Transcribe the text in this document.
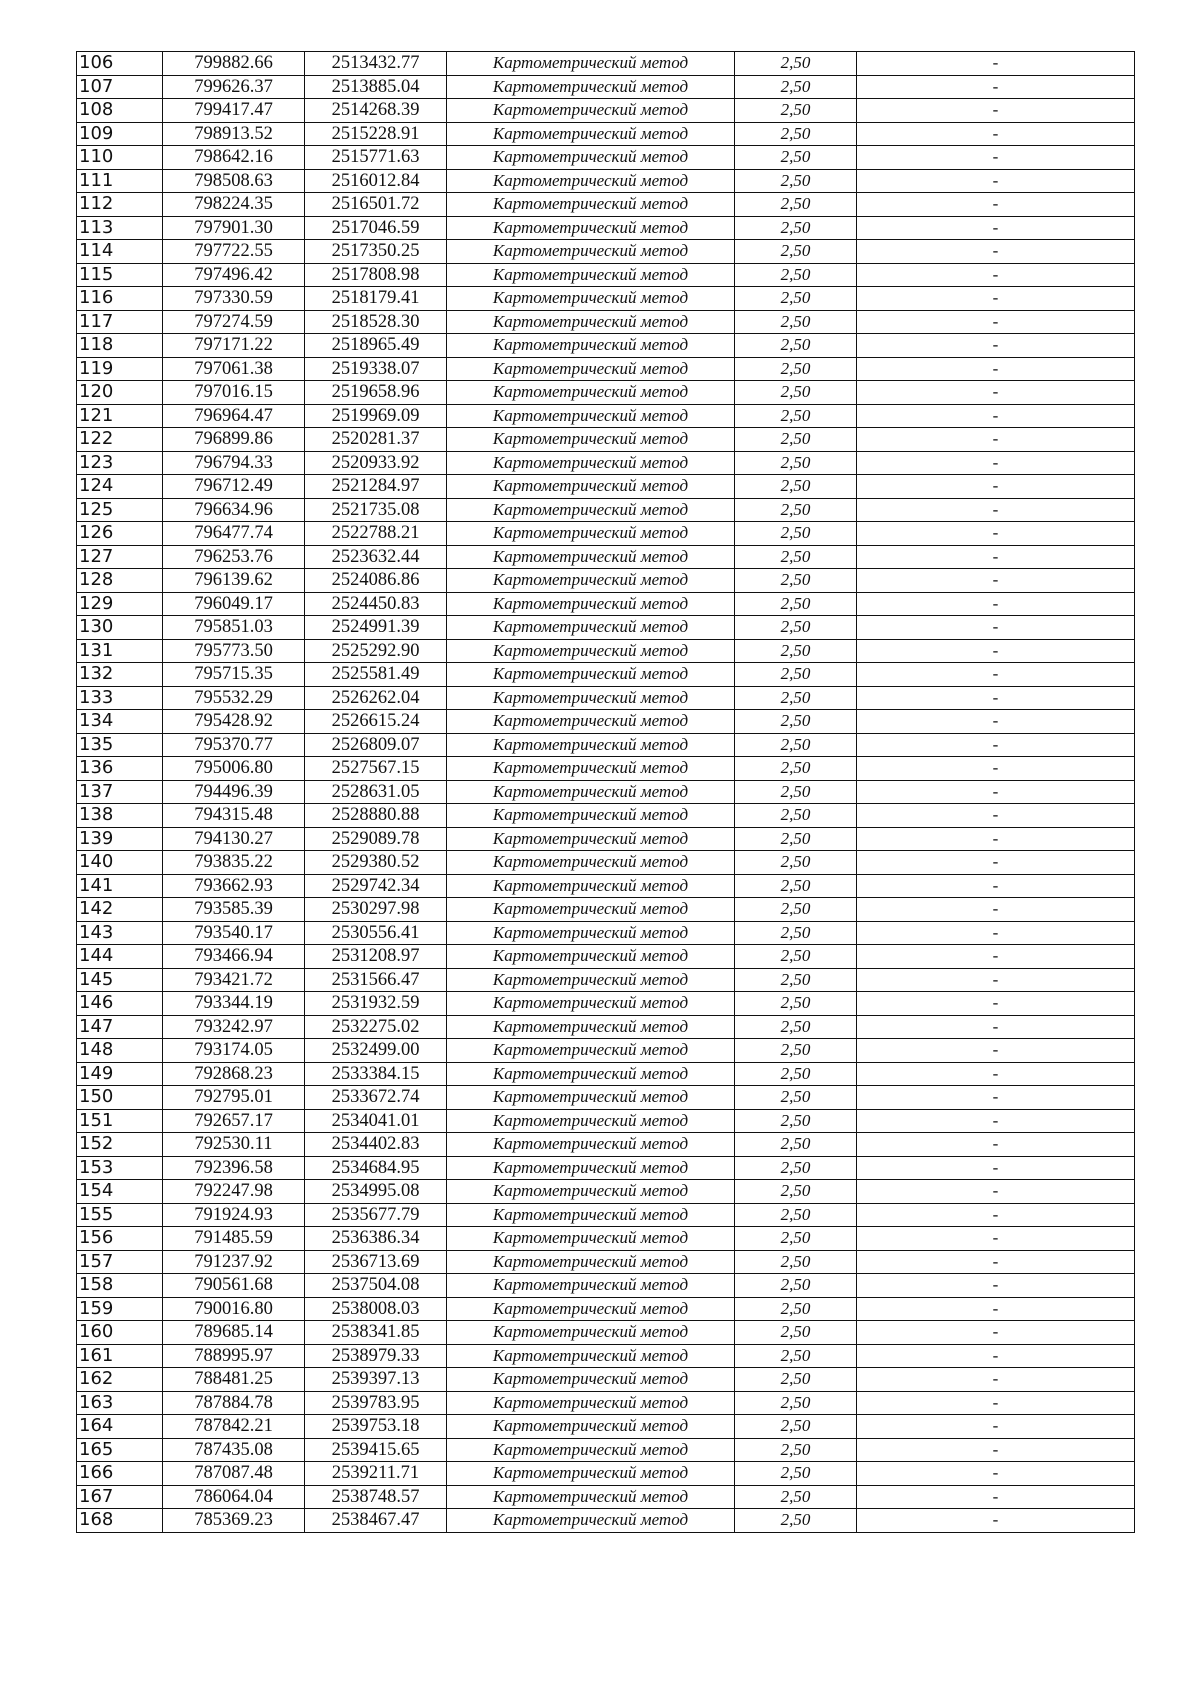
106	799882.66	2513432.77	Картометрический метод	2,50	-
107	799626.37	2513885.04	Картометрический метод	2,50	-
108	799417.47	2514268.39	Картометрический метод	2,50	-
109	798913.52	2515228.91	Картометрический метод	2,50	-
110	798642.16	2515771.63	Картометрический метод	2,50	-
111	798508.63	2516012.84	Картометрический метод	2,50	-
112	798224.35	2516501.72	Картометрический метод	2,50	-
113	797901.30	2517046.59	Картометрический метод	2,50	-
114	797722.55	2517350.25	Картометрический метод	2,50	-
115	797496.42	2517808.98	Картометрический метод	2,50	-
116	797330.59	2518179.41	Картометрический метод	2,50	-
117	797274.59	2518528.30	Картометрический метод	2,50	-
118	797171.22	2518965.49	Картометрический метод	2,50	-
119	797061.38	2519338.07	Картометрический метод	2,50	-
120	797016.15	2519658.96	Картометрический метод	2,50	-
121	796964.47	2519969.09	Картометрический метод	2,50	-
122	796899.86	2520281.37	Картометрический метод	2,50	-
123	796794.33	2520933.92	Картометрический метод	2,50	-
124	796712.49	2521284.97	Картометрический метод	2,50	-
125	796634.96	2521735.08	Картометрический метод	2,50	-
126	796477.74	2522788.21	Картометрический метод	2,50	-
127	796253.76	2523632.44	Картометрический метод	2,50	-
128	796139.62	2524086.86	Картометрический метод	2,50	-
129	796049.17	2524450.83	Картометрический метод	2,50	-
130	795851.03	2524991.39	Картометрический метод	2,50	-
131	795773.50	2525292.90	Картометрический метод	2,50	-
132	795715.35	2525581.49	Картометрический метод	2,50	-
133	795532.29	2526262.04	Картометрический метод	2,50	-
134	795428.92	2526615.24	Картометрический метод	2,50	-
135	795370.77	2526809.07	Картометрический метод	2,50	-
136	795006.80	2527567.15	Картометрический метод	2,50	-
137	794496.39	2528631.05	Картометрический метод	2,50	-
138	794315.48	2528880.88	Картометрический метод	2,50	-
139	794130.27	2529089.78	Картометрический метод	2,50	-
140	793835.22	2529380.52	Картометрический метод	2,50	-
141	793662.93	2529742.34	Картометрический метод	2,50	-
142	793585.39	2530297.98	Картометрический метод	2,50	-
143	793540.17	2530556.41	Картометрический метод	2,50	-
144	793466.94	2531208.97	Картометрический метод	2,50	-
145	793421.72	2531566.47	Картометрический метод	2,50	-
146	793344.19	2531932.59	Картометрический метод	2,50	-
147	793242.97	2532275.02	Картометрический метод	2,50	-
148	793174.05	2532499.00	Картометрический метод	2,50	-
149	792868.23	2533384.15	Картометрический метод	2,50	-
150	792795.01	2533672.74	Картометрический метод	2,50	-
151	792657.17	2534041.01	Картометрический метод	2,50	-
152	792530.11	2534402.83	Картометрический метод	2,50	-
153	792396.58	2534684.95	Картометрический метод	2,50	-
154	792247.98	2534995.08	Картометрический метод	2,50	-
155	791924.93	2535677.79	Картометрический метод	2,50	-
156	791485.59	2536386.34	Картометрический метод	2,50	-
157	791237.92	2536713.69	Картометрический метод	2,50	-
158	790561.68	2537504.08	Картометрический метод	2,50	-
159	790016.80	2538008.03	Картометрический метод	2,50	-
160	789685.14	2538341.85	Картометрический метод	2,50	-
161	788995.97	2538979.33	Картометрический метод	2,50	-
162	788481.25	2539397.13	Картометрический метод	2,50	-
163	787884.78	2539783.95	Картометрический метод	2,50	-
164	787842.21	2539753.18	Картометрический метод	2,50	-
165	787435.08	2539415.65	Картометрический метод	2,50	-
166	787087.48	2539211.71	Картометрический метод	2,50	-
167	786064.04	2538748.57	Картометрический метод	2,50	-
168	785369.23	2538467.47	Картометрический метод	2,50	-
